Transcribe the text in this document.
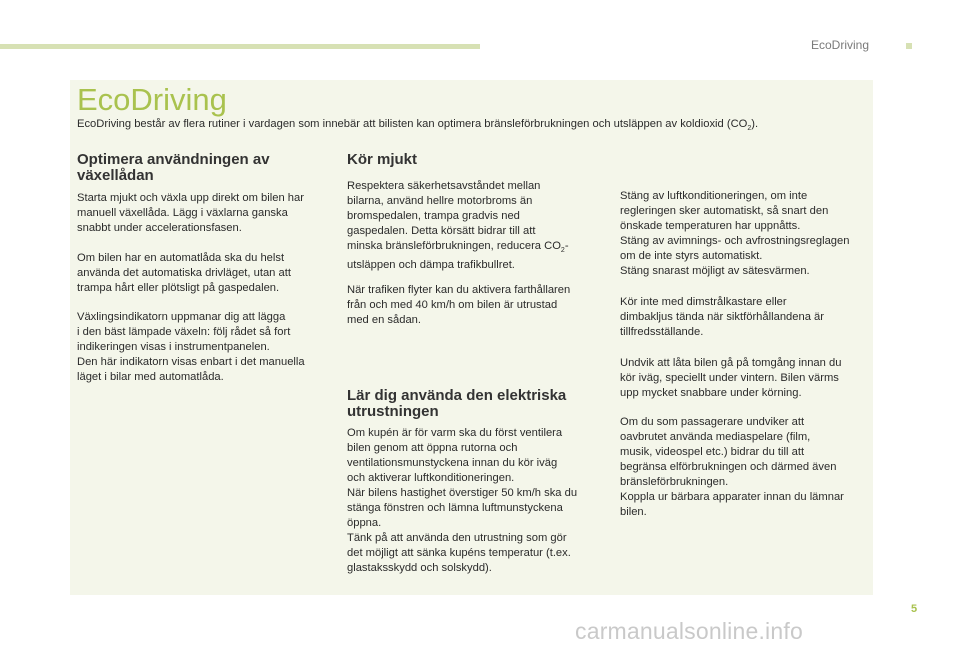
EcoDriving
EcoDriving
EcoDriving består av flera rutiner i vardagen som innebär att bilisten kan optimera bränsleförbrukningen och utsläppen av koldioxid $(CO_2)$.
Optimera användningen av
växellådan

Starta mjukt och växla upp direkt om bilen har
manuell växellåda. Lägg i växlarna ganska
snabbt under accelerationsfasen.

Om bilen har en automatlåda ska du helst
använda det automatiska drivläget, utan att
trampa hårt eller plötsligt på gaspedalen.

Växlingsindikatorn uppmanar dig att lägga
i den bäst lämpade växeln: följ rådet så fort
indikeringen visas i instrumentpanelen.
Den här indikatorn visas enbart i det manuella
läget i bilar med automatlåda.

Kör mjukt

Respektera säkerhetsavståndet mellan
bilarna, använd hellre motorbroms än
bromspedalen, trampa gradvis ned
gaspedalen. Detta körsätt bidrar till att
minska bränsleförbrukningen, reducera $CO_2-$
utsläppen och dämpa trafikbullret.

När trafiken flyter kan du aktivera farthållaren
från och med 40 km/h om bilen är utrustad
med en sådan.

Lär dig använda den elektriska
utrustningen

Om kupén är för varm ska du först ventilera
bilen genom att öppna rutorna och
ventilationsmunstyckena innan du kör iväg
och aktiverar luftkonditioneringen.
När bilens hastighet överstiger 50 km/h ska du
stänga fönstren och lämna luftmunstyckena
öppna.
Tänk på att använda den utrustning som gör
det möjligt att sänka kupéns temperatur (t.ex.
glastaksskydd och solskydd).

Stäng av luftkonditioneringen, om inte
regleringen sker automatiskt, så snart den
önskade temperaturen har uppnåtts.
Stäng av avimnings- och avfrostningsreglagen
om de inte styrs automatiskt.
Stäng snarast möjligt av sätesvärmen.

Kör inte med dimstrålkastare eller
dimbakljus tända när siktförhållandena är
tillfredsställande.

Undvik att låta bilen gå på tomgång innan du
kör iväg, speciellt under vintern. Bilen värms
upp mycket snabbare under körning.

Om du som passagerare undviker att
oavbrutet använda mediaspelare (film,
musik, videospel etc.) bidrar du till att
begränsa elförbrukningen och därmed även
bränsleförbrukningen.
Koppla ur bärbara apparater innan du lämnar
bilen.

5
carmanualsonline.info
